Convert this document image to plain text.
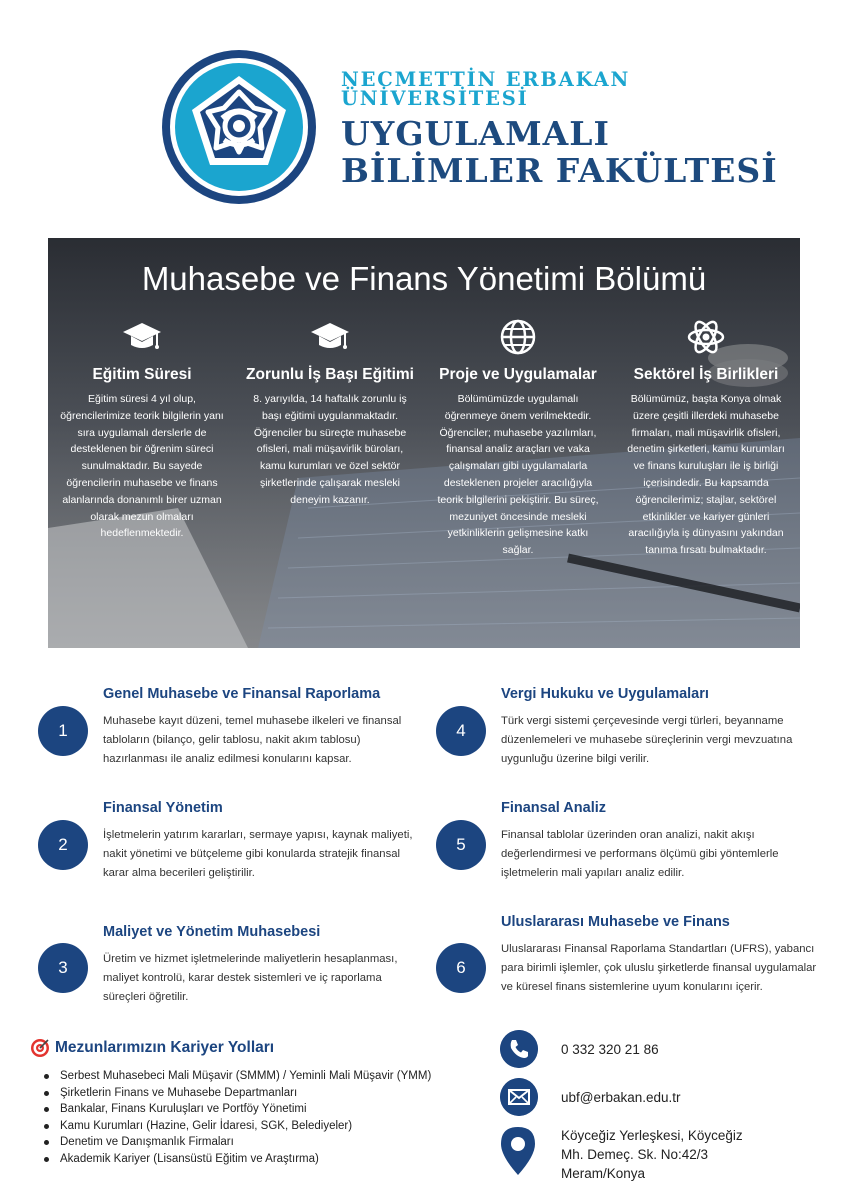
NECMETTİN ERBAKAN
ÜNİVERSİTESİ
UYGULAMALI
BİLİMLER FAKÜLTESİ
Muhasebe ve Finans Yönetimi Bölümü
Eğitim Süresi
Eğitim süresi 4 yıl olup, öğrencilerimize teorik bilgilerin yanı sıra uygulamalı derslerle de desteklenen bir öğrenim süreci sunulmaktadır. Bu sayede öğrencilerin muhasebe ve finans alanlarında donanımlı birer uzman olarak mezun olmaları hedeflenmektedir.
Zorunlu İş Başı Eğitimi
8. yarıyılda, 14 haftalık zorunlu iş başı eğitimi uygulanmaktadır. Öğrenciler bu süreçte muhasebe ofisleri, mali müşavirlik büroları, kamu kurumları ve özel sektör şirketlerinde çalışarak mesleki deneyim kazanır.
Proje ve Uygulamalar
Bölümümüzde uygulamalı öğrenmeye önem verilmektedir. Öğrenciler; muhasebe yazılımları, finansal analiz araçları ve vaka çalışmaları gibi uygulamalarla desteklenen projeler aracılığıyla teorik bilgilerini pekiştirir. Bu süreç, mezuniyet öncesinde mesleki yetkinliklerin gelişmesine katkı sağlar.
Sektörel İş Birlikleri
Bölümümüz, başta Konya olmak üzere çeşitli illerdeki muhasebe firmaları, mali müşavirlik ofisleri, denetim şirketleri, kamu kurumları ve finans kuruluşları ile iş birliği içerisindedir. Bu kapsamda öğrencilerimiz; stajlar, sektörel etkinlikler ve kariyer günleri aracılığıyla iş dünyasını yakından tanıma fırsatı bulmaktadır.
1
Genel Muhasebe ve Finansal Raporlama
Muhasebe kayıt düzeni, temel muhasebe ilkeleri ve finansal tabloların (bilanço, gelir tablosu, nakit akım tablosu) hazırlanması ile analiz edilmesi konularını kapsar.
2
Finansal Yönetim
İşletmelerin yatırım kararları, sermaye yapısı, kaynak maliyeti, nakit yönetimi ve bütçeleme gibi konularda stratejik finansal karar alma becerileri geliştirilir.
3
Maliyet ve Yönetim Muhasebesi
Üretim ve hizmet işletmelerinde maliyetlerin hesaplanması, maliyet kontrolü, karar destek sistemleri ve iç raporlama süreçleri öğretilir.
4
Vergi Hukuku ve Uygulamaları
Türk vergi sistemi çerçevesinde vergi türleri, beyanname düzenlemeleri ve muhasebe süreçlerinin vergi mevzuatına uygunluğu üzerine bilgi verilir.
5
Finansal Analiz
Finansal tablolar üzerinden oran analizi, nakit akışı değerlendirmesi ve performans ölçümü gibi yöntemlerle işletmelerin mali yapıları analiz edilir.
6
Uluslararası Muhasebe ve Finans
Uluslararası Finansal Raporlama Standartları (UFRS), yabancı para birimli işlemler, çok uluslu şirketlerde finansal uygulamalar ve küresel finans sistemlerine uyum konularını içerir.
Mezunlarımızın Kariyer Yolları
Serbest Muhasebeci Mali Müşavir (SMMM) / Yeminli Mali Müşavir (YMM)
Şirketlerin Finans ve Muhasebe Departmanları
Bankalar, Finans Kuruluşları ve Portföy Yönetimi
Kamu Kurumları (Hazine, Gelir İdaresi, SGK, Belediyeler)
Denetim ve Danışmanlık Firmaları
Akademik Kariyer (Lisansüstü Eğitim ve Araştırma)
0 332 320 21 86
ubf@erbakan.edu.tr
Köyceğiz Yerleşkesi, Köyceğiz
Mh. Demeç. Sk. No:42/3
Meram/Konya
